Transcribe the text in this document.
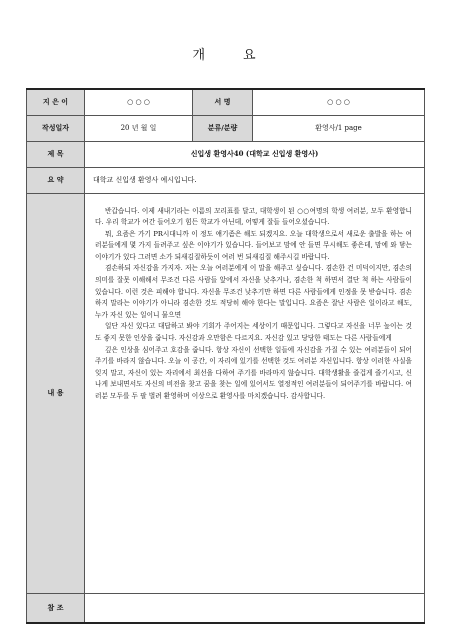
개	요
지 은 이	○ ○ ○	서 명	○ ○ ○
작성일자	20 년 월 일	분류/분량	환영사/1 page
제 목	신입생 환영사40 (대학교 신입생 환영사)		
요 약	대학교 신입생 환영사 예시입니다.		
내 용	반갑습니다. 이제 새내기라는 이름의 꼬리표를 달고, 대학생이 된 ○○여명의 학생 여러분, 모두 환영합니다. 우리 학교가 여간 들어오기 힘든 학교가 아닌데, 어떻게 잘들 들어오셨습니다.

뭐, 요즘은 가기 PR시대니까 이 정도 얘기좀은 해도 되겠지요. 오늘 대학생으로서 새로운 출발을 하는 여러분들에게 몇 가지 들려주고 싶은 이야기가 있습니다. 들어보고 맘에 안 들면 무시해도 좋은데, 맘에 와 닿는 이야기가 있다 그러면 소가 되새김질하듯이 여러 번 되새김질 해주시길 바랍니다.

겸손하되 자신감을 가지자. 저는 오늘 여러분에게 이 말을 해주고 싶습니다. 겸손한 건 미덕이지만, 겸손의 의미를 잘못 이해해서 무조건 다른 사람들 앞에서 자신을 낮추거나, 겸손한 척 하면서 결단 척 하는 사람들이 있습니다. 이런 것은 피해야 합니다. 자신을 무조건 낮추기만 하면 다른 사람들에게 인정을 못 받습니다. 겸손하지 말라는 이야기가 아니라 겸손한 것도 적당히 해야 한다는 말입니다. 요즘은 잘난 사람은 일이라고 해도, 누가 자신 있는 일이니 물으면

일단 자신 있다고 대답하고 봐야 기회가 주어지는 세상이기 때문입니다. 그렇다고 자신을 너무 높이는 것도 좋지 못한 인상을 줍니다. 자신감과 오만함은 다르지요. 자신감 있고 당당한 태도는 다른 사람들에게

깊은 인상을 심어주고 호감을 줍니다. 항상 자신이 선택한 일들에 자신감을 가질 수 있는 여러분들이 되어주기를 바라지 않습니다. 오늘 이 공간, 이 자리에 있기를 선택한 것도 여러분 자신입니다. 항상 이러한 사실을 잊지 말고, 자신이 있는 자리에서 최선을 다하여 주기를 바라마지 않습니다. 대학생활을 즐겁게 즐기시고, 신나게 보내면서도 자신의 비전을 찾고 꿈을 찾는 일에 있어서도 열정적인 여러분들이 되어주기를 바랍니다. 여러분 모두를 두 팔 벌려 환영하며 이상으로 환영사를 마치겠습니다. 감사합니다.		

참 조			
